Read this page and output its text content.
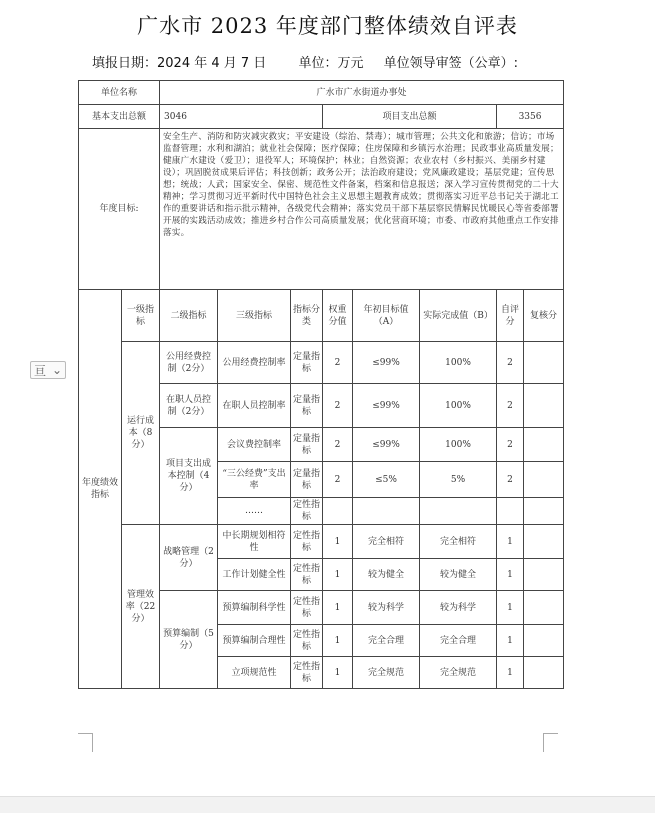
广水市 2023 年度部门整体绩效自评表
填报日期：2024 年 4 月 7 日 单位：万元 单位领导审签（公章）:
亘 ⌄
单位名称		广水市广水街道办事处							
基本支出总额		3046			项目支出总额			3356	
年度目标:		安全生产、消防和防灾减灾救灾；平安建设（综治、禁毒）；城市管理；公共文化和旅游；信访；市场监督管理；水利和湖泊；就业社会保障；医疗保障；住房保障和乡镇污水治理；民政事业高质量发展；健康广水建设（爱卫）；退役军人；环境保护；林业；自然资源；农业农村（乡村振兴、美丽乡村建设）；巩固脱贫成果后评估；科技创新；政务公开；法治政府建设；党风廉政建设；基层党建；宣传思想；统战；人武；国家安全、保密、规范性文件备案，档案和信息报送；深入学习宣传贯彻党的二十大精神；学习贯彻习近平新时代中国特色社会主义思想主题教育成效；贯彻落实习近平总书记关于湖北工作的重要讲话和指示批示精神，各级党代会精神；落实党员干部下基层察民情解民忧暖民心等省委部署开展的实践活动成效；推进乡村合作公司高质量发展；优化营商环境；市委、市政府其他重点工作安排落实。							
年度绩效指标	一级指标	二级指标	三级指标	指标分类	权重分值	年初目标值（A）	实际完成值（B）	自评分	复核分
	运行成本（8分）	公用经费控制（2分）	公用经费控制率	定量指标	2	≤99%	100%	2	
		在职人员控制（2分）	在职人员控制率	定量指标	2	≤99%	100%	2	
		项目支出成本控制（4分）	会议费控制率	定量指标	2	≤99%	100%	2	
			“三公经费”支出率	定量指标	2	≤5%	5%	2	
			……	定性指标					
	管理效率（22分）	战略管理（2分）	中长期规划相符性	定性指标	1	完全相符	完全相符	1	
			工作计划健全性	定性指标	1	较为健全	较为健全	1	
		预算编制（5分）	预算编制科学性	定性指标	1	较为科学	较为科学	1	
			预算编制合理性	定性指标	1	完全合理	完全合理	1	
			立项规范性	定性指标	1	完全规范	完全规范	1	
